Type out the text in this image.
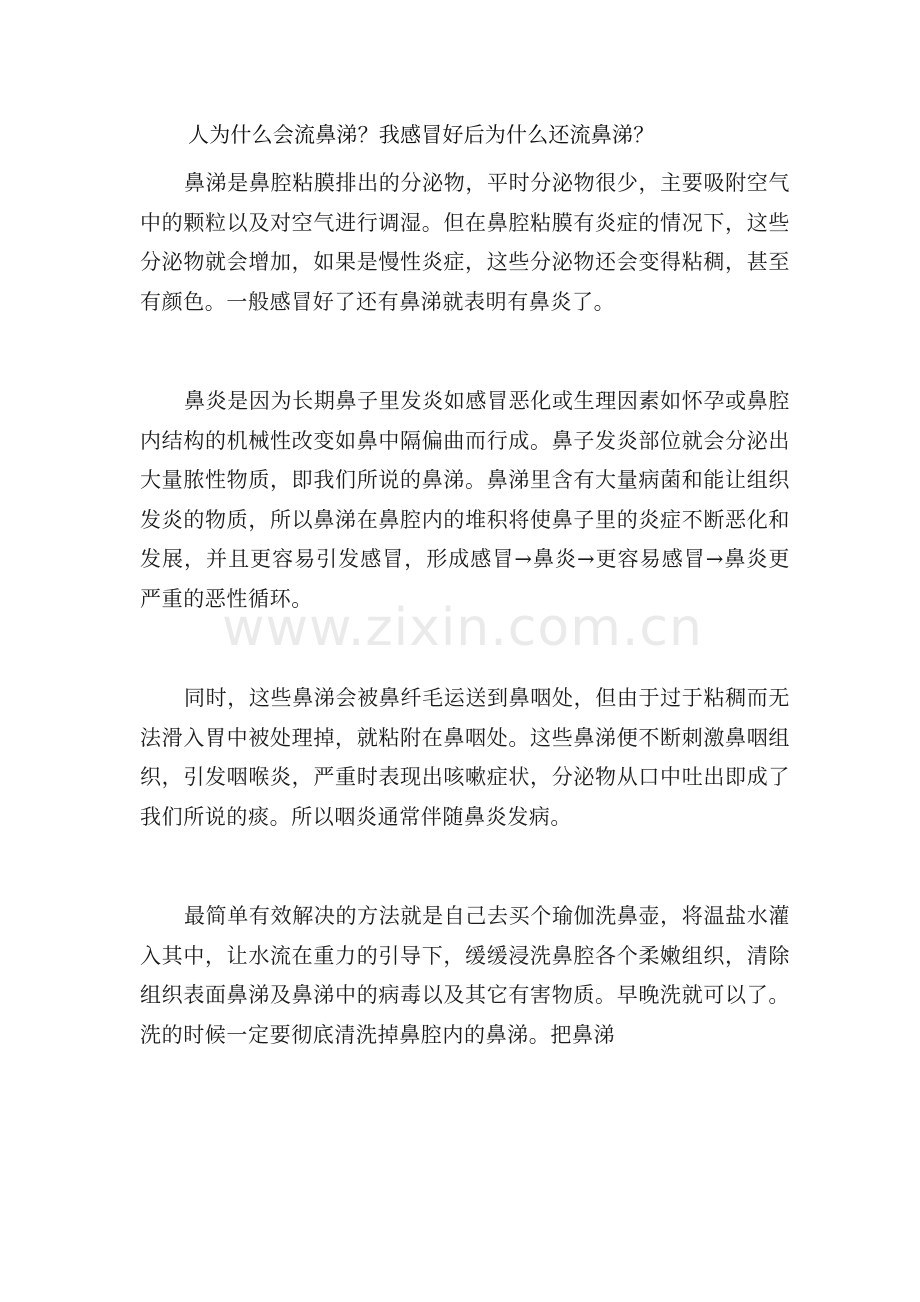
人为什么会流鼻涕？我感冒好后为什么还流鼻涕？

鼻涕是鼻腔粘膜排出的分泌物，平时分泌物很少，主要吸附空气中的颗粒以及对空气进行调湿。但在鼻腔粘膜有炎症的情况下，这些分泌物就会增加，如果是慢性炎症，这些分泌物还会变得粘稠，甚至有颜色。一般感冒好了还有鼻涕就表明有鼻炎了。

鼻炎是因为长期鼻子里发炎如感冒恶化或生理因素如怀孕或鼻腔内结构的机械性改变如鼻中隔偏曲而行成。鼻子发炎部位就会分泌出大量脓性物质，即我们所说的鼻涕。鼻涕里含有大量病菌和能让组织发炎的物质，所以鼻涕在鼻腔内的堆积将使鼻子里的炎症不断恶化和发展，并且更容易引发感冒，形成感冒→鼻炎→更容易感冒→鼻炎更严重的恶性循环。

同时，这些鼻涕会被鼻纤毛运送到鼻咽处，但由于过于粘稠而无法滑入胃中被处理掉，就粘附在鼻咽处。这些鼻涕便不断刺激鼻咽组织，引发咽喉炎，严重时表现出咳嗽症状，分泌物从口中吐出即成了我们所说的痰。所以咽炎通常伴随鼻炎发病。

最简单有效解决的方法就是自己去买个瑜伽洗鼻壶，将温盐水灌入其中，让水流在重力的引导下，缓缓浸洗鼻腔各个柔嫩组织，清除组织表面鼻涕及鼻涕中的病毒以及其它有害物质。早晚洗就可以了。洗的时候一定要彻底清洗掉鼻腔内的鼻涕。把鼻涕

www.zixin.com.cn
